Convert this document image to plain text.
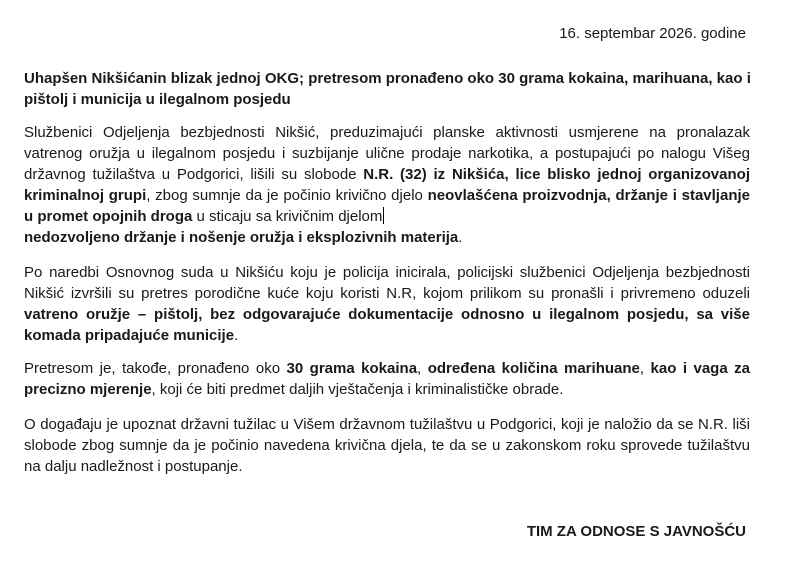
16. septembar 2026. godine
Uhapšen Nikšićanin blizak jednoj OKG; pretresom pronađeno oko 30 grama kokaina, marihuana, kao i pištolj i municija u ilegalnom posjedu

Službenici Odjeljenja bezbjednosti Nikšić, preduzimajući planske aktivnosti usmjerene na pronalazak vatrenog oružja u ilegalnom posjedu i suzbijanje ulične prodaje narkotika, a postupajući po nalogu Višeg državnog tužilaštva u Podgorici, lišili su slobode N.R. (32) iz Nikšića, lice blisko jednoj organizovanoj kriminalnoj grupi, zbog sumnje da je počinio krivično djelo neovlašćena proizvodnja, držanje i stavljanje u promet opojnih droga u sticaju sa krivičnim djelom
nedozvoljeno držanje i nošenje oružja i eksplozivnih materija.

Po naredbi Osnovnog suda u Nikšiću koju je policija inicirala, policijski službenici Odjeljenja bezbjednosti Nikšić izvršili su pretres porodične kuće koju koristi N.R, kojom prilikom su pronašli i privremeno oduzeli vatreno oružje – pištolj, bez odgovarajuće dokumentacije odnosno u ilegalnom posjedu, sa više komada pripadajuće municije.

Pretresom je, takođe, pronađeno oko 30 grama kokaina, određena količina marihuane, kao i vaga za precizno mjerenje, koji će biti predmet daljih vještačenja i kriminalističke obrade.

O događaju je upoznat državni tužilac u Višem državnom tužilaštvu u Podgorici, koji je naložio da se N.R. liši slobode zbog sumnje da je počinio navedena krivična djela, te da se u zakonskom roku sprovede tužilaštvu na dalju nadležnost i postupanje.

TIM ZA ODNOSE S JAVNOŠĆU
